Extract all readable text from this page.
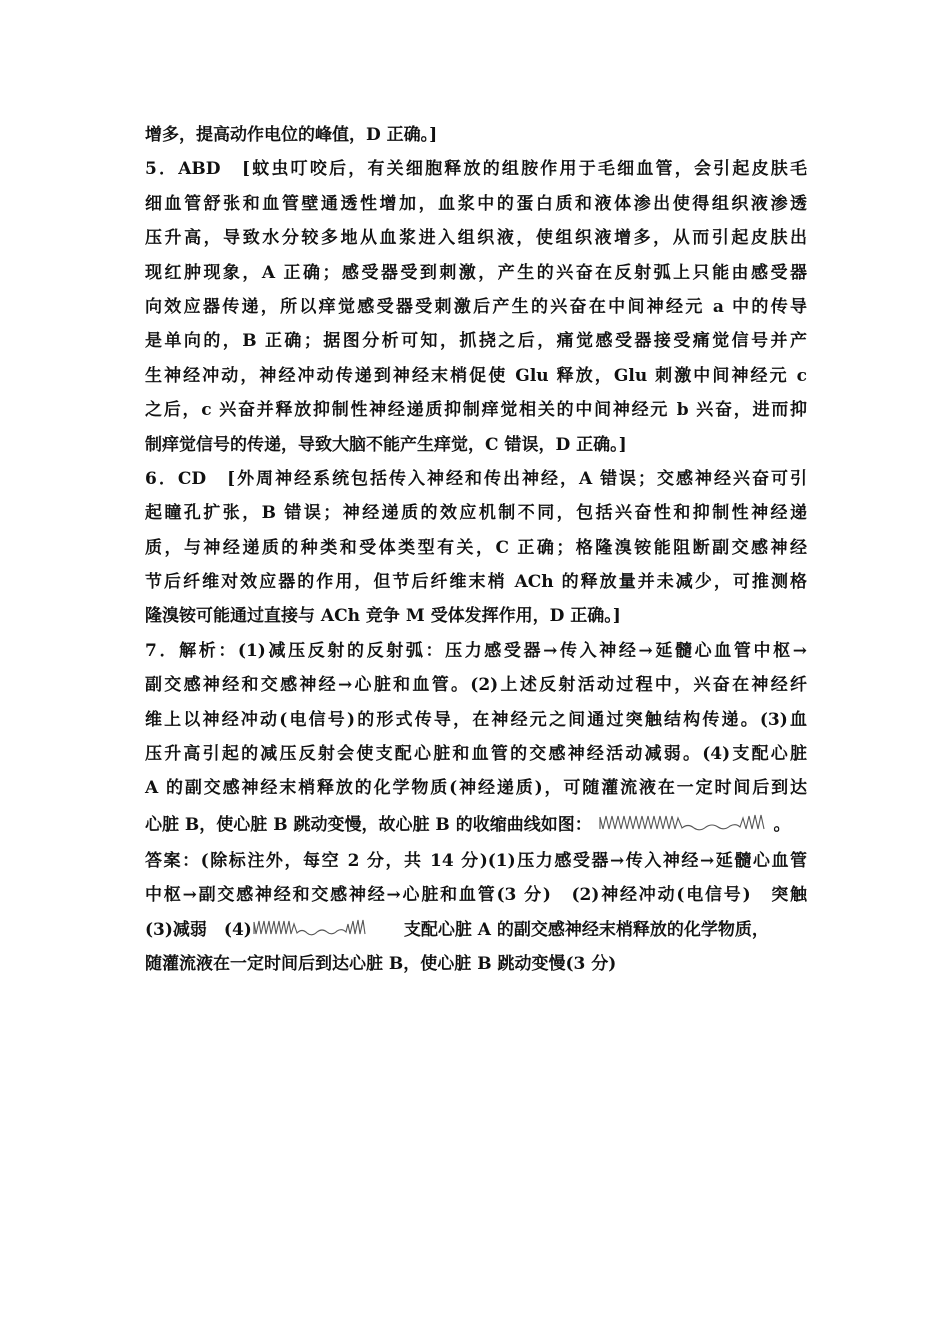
增多，提高动作电位的峰值，D 正确。]
5．ABD　[蚊虫叮咬后，有关细胞释放的组胺作用于毛细血管，会引起皮肤毛
细血管舒张和血管壁通透性增加，血浆中的蛋白质和液体渗出使得组织液渗透
压升高，导致水分较多地从血浆进入组织液，使组织液增多，从而引起皮肤出
现红肿现象，A 正确；感受器受到刺激，产生的兴奋在反射弧上只能由感受器
向效应器传递，所以痒觉感受器受刺激后产生的兴奋在中间神经元 a 中的传导
是单向的，B 正确；据图分析可知，抓挠之后，痛觉感受器接受痛觉信号并产
生神经冲动，神经冲动传递到神经末梢促使 Glu 释放，Glu 刺激中间神经元 c
之后，c 兴奋并释放抑制性神经递质抑制痒觉相关的中间神经元 b 兴奋，进而抑
制痒觉信号的传递，导致大脑不能产生痒觉，C 错误，D 正确。]
6．CD　[外周神经系统包括传入神经和传出神经，A 错误；交感神经兴奋可引
起瞳孔扩张，B 错误；神经递质的效应机制不同，包括兴奋性和抑制性神经递
质，与神经递质的种类和受体类型有关，C 正确；格隆溴铵能阻断副交感神经
节后纤维对效应器的作用，但节后纤维末梢 ACh 的释放量并未减少，可推测格
隆溴铵可能通过直接与 ACh 竞争 M 受体发挥作用，D 正确。]
7．解析：(1)减压反射的反射弧：压力感受器→传入神经→延髓心血管中枢→
副交感神经和交感神经→心脏和血管。(2)上述反射活动过程中，兴奋在神经纤
维上以神经冲动(电信号)的形式传导，在神经元之间通过突触结构传递。(3)血
压升高引起的减压反射会使支配心脏和血管的交感神经活动减弱。(4)支配心脏
A 的副交感神经末梢释放的化学物质(神经递质)，可随灌流液在一定时间后到达
心脏 B，使心脏 B 跳动变慢，故心脏 B 的收缩曲线如图：	。
答案：(除标注外，每空 2 分，共 14 分)(1)压力感受器→传入神经→延髓心血管
中枢→副交感神经和交感神经→心脏和血管(3 分)　(2)神经冲动(电信号)　突触
(3)减弱　(4)	支配心脏 A 的副交感神经末梢释放的化学物质，
随灌流液在一定时间后到达心脏 B，使心脏 B 跳动变慢(3 分)
